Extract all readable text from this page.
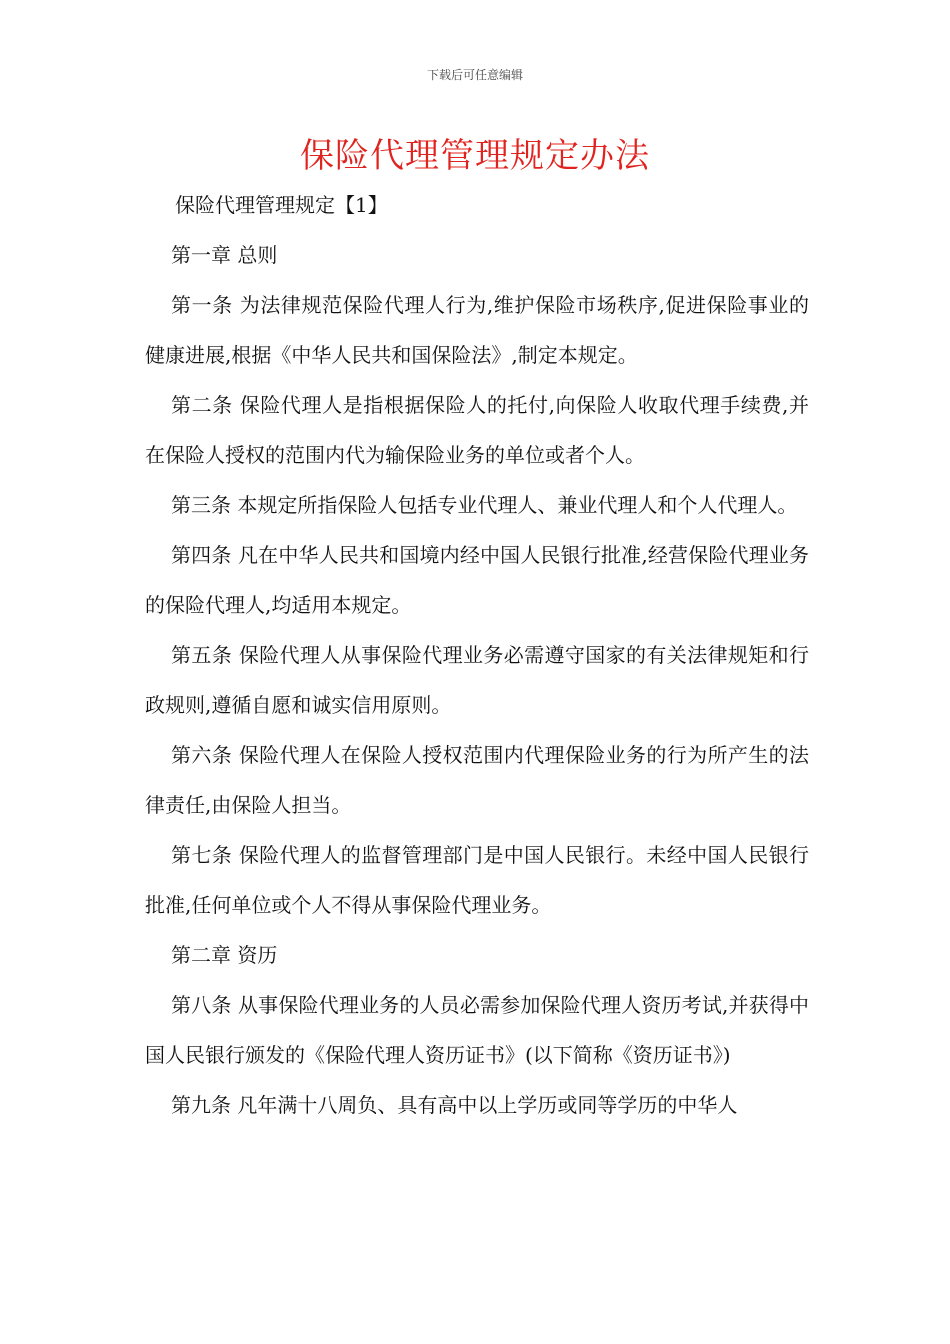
下载后可任意编辑
保险代理管理规定办法

保险代理管理规定【1】

第一章 总则

第一条 为法律规范保险代理人行为,维护保险市场秩序,促进保险事业的健康进展,根据《中华人民共和国保险法》,制定本规定。

第二条 保险代理人是指根据保险人的托付,向保险人收取代理手续费,并在保险人授权的范围内代为输保险业务的单位或者个人。

第三条 本规定所指保险人包括专业代理人、兼业代理人和个人代理人。

第四条 凡在中华人民共和国境内经中国人民银行批准,经营保险代理业务的保险代理人,均适用本规定。

第五条 保险代理人从事保险代理业务必需遵守国家的有关法律规矩和行政规则,遵循自愿和诚实信用原则。

第六条 保险代理人在保险人授权范围内代理保险业务的行为所产生的法律责任,由保险人担当。

第七条 保险代理人的监督管理部门是中国人民银行。未经中国人民银行批准,任何单位或个人不得从事保险代理业务。

第二章 资历

第八条 从事保险代理业务的人员必需参加保险代理人资历考试,并获得中国人民银行颁发的《保险代理人资历证书》(以下简称《资历证书》)

第九条 凡年满十八周负、具有高中以上学历或同等学历的中华人
